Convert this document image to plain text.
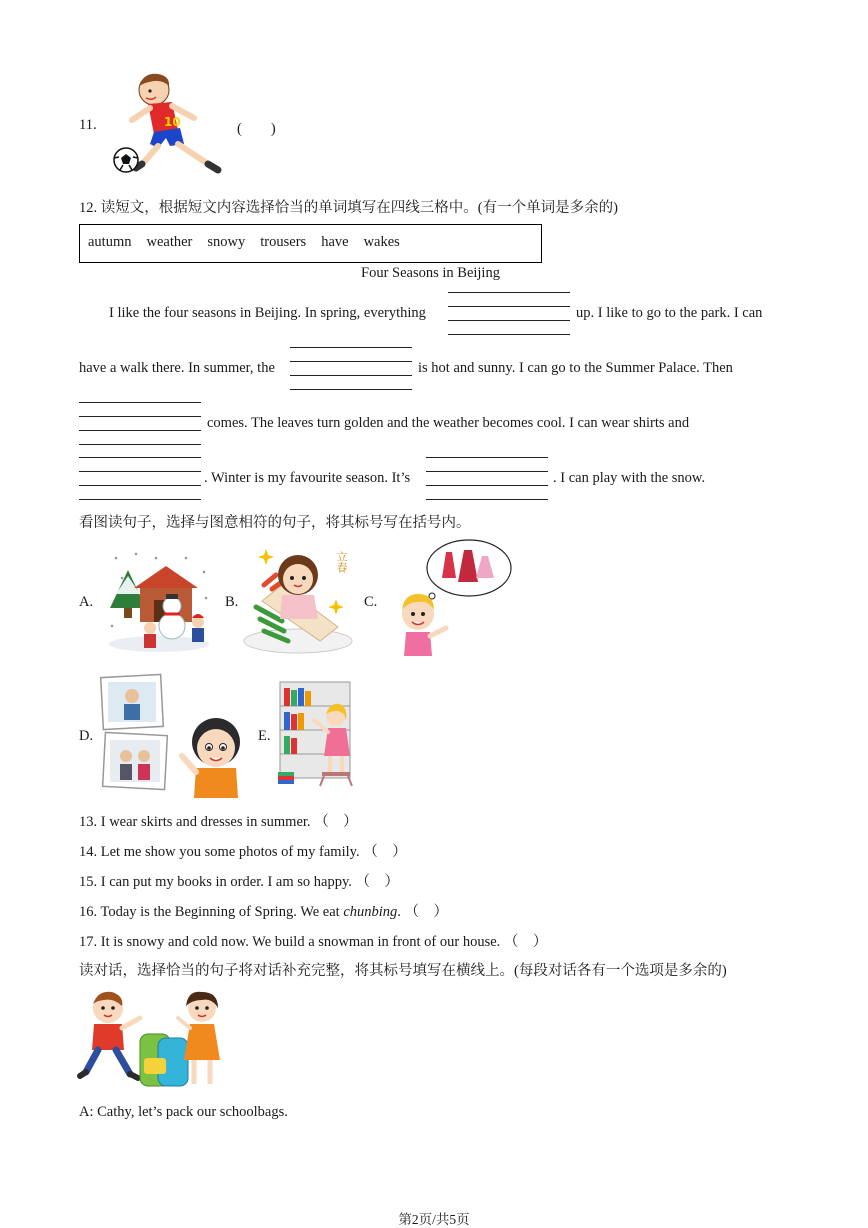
11.	10	(　　)
12. 读短文，根据短文内容选择恰当的单词填写在四线三格中。(有一个单词是多余的)
autumn weather snowy trousers have wakes
Four Seasons in Beijing
I like the four seasons in Beijing. In spring, everything	up. I like to go to the park. I can
have a walk there. In summer, the	is hot and sunny. I can go to the Summer Palace. Then
comes. The leaves turn golden and the weather becomes cool. I can wear shirts and
. Winter is my favourite season. It’s	. I can play with the snow.
看图读句子，选择与图意相符的句子，将其标号写在括号内。
A.	B.
立春
C.
D.	E.
13. I wear skirts and dresses in summer. （　）
14. Let me show you some photos of my family. （　）
15. I can put my books in order. I am so happy. （　）
16. Today is the Beginning of Spring. We eat chunbing. （　）
17. It is snowy and cold now. We build a snowman in front of our house. （　）
读对话，选择恰当的句子将对话补充完整，将其标号填写在横线上。(每段对话各有一个选项是多余的)
A: Cathy, let’s pack our schoolbags.
第2页/共5页
